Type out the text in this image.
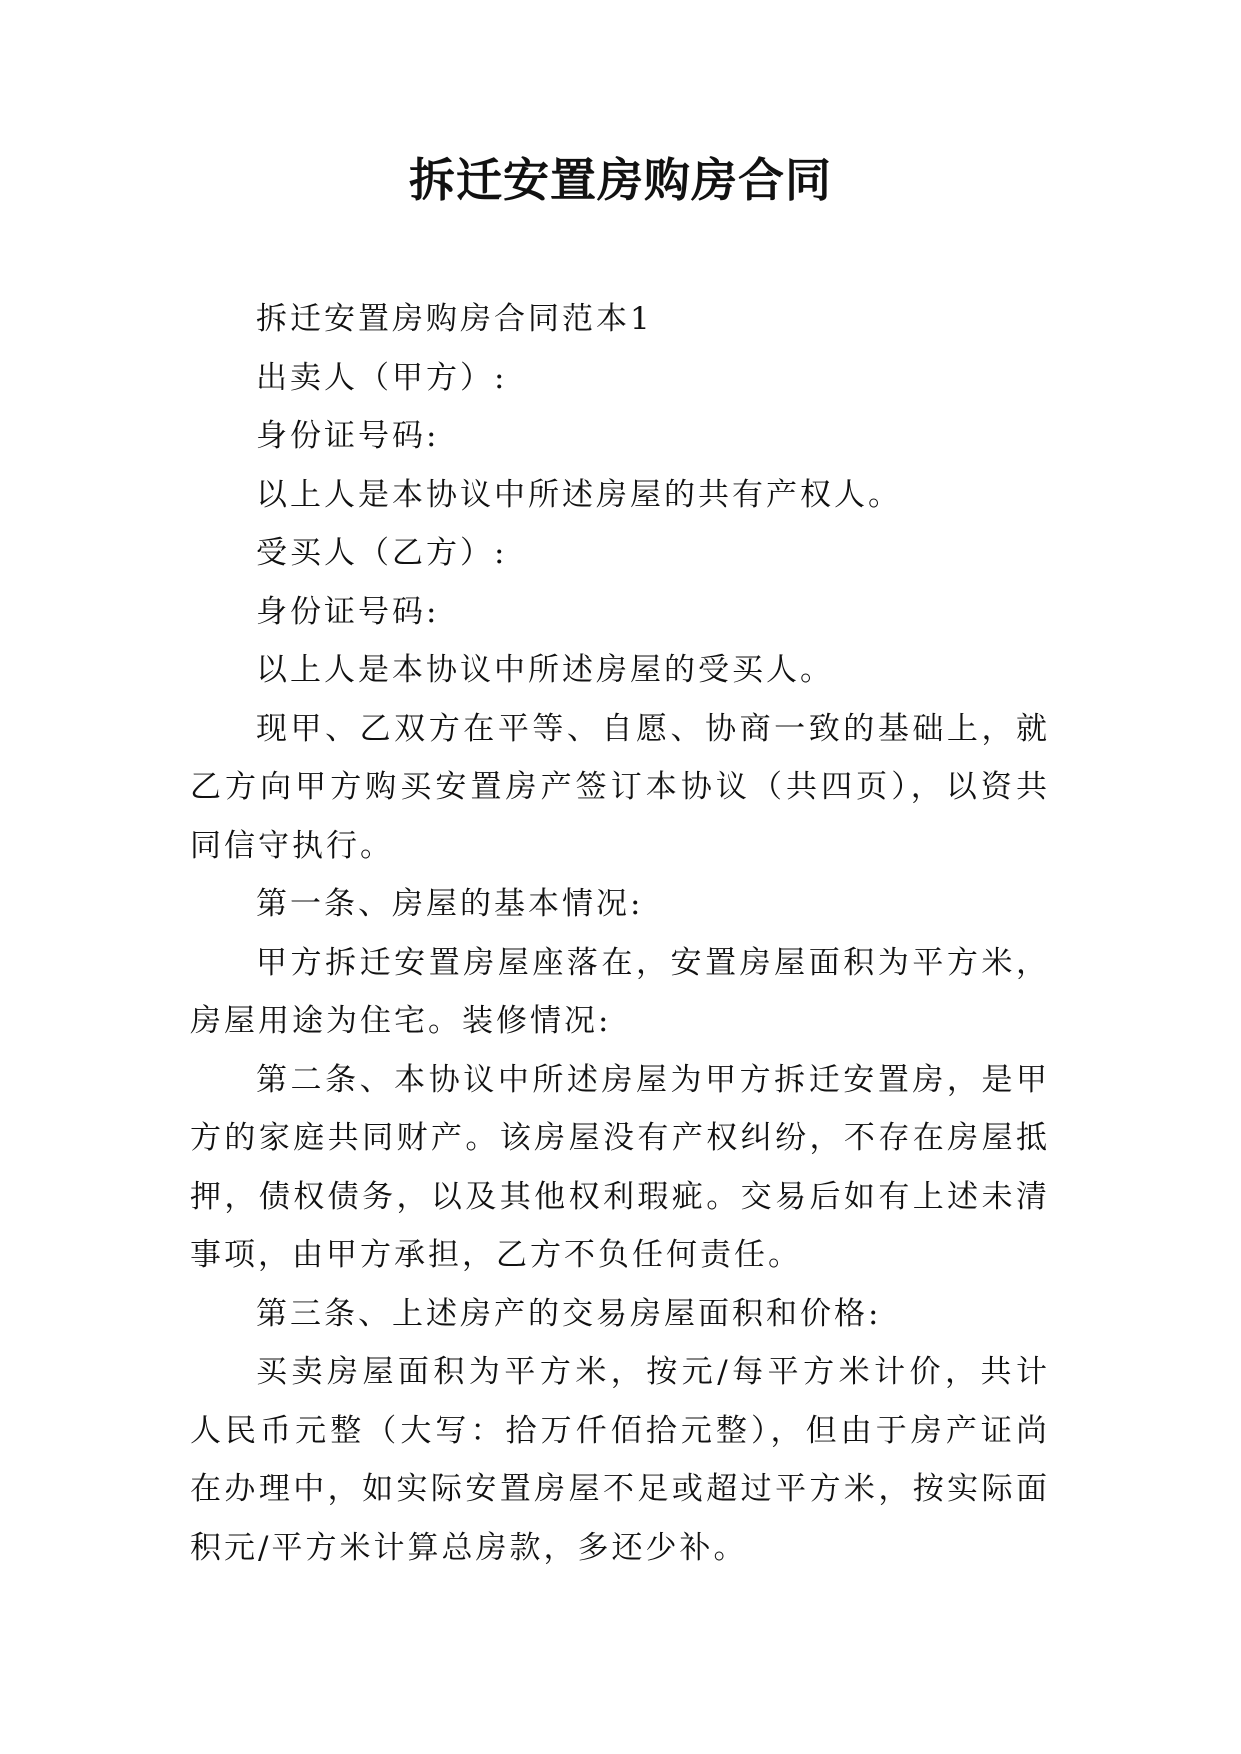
拆迁安置房购房合同

拆迁安置房购房合同范本1

出卖人（甲方）:

身份证号码:

以上人是本协议中所述房屋的共有产权人。

受买人（乙方）:

身份证号码:

以上人是本协议中所述房屋的受买人。

现甲、乙双方在平等、自愿、协商一致的基础上，就乙方向甲方购买安置房产签订本协议（共四页），以资共同信守执行。

第一条、房屋的基本情况:

甲方拆迁安置房屋座落在，安置房屋面积为平方米，房屋用途为住宅。装修情况:

第二条、本协议中所述房屋为甲方拆迁安置房，是甲方的家庭共同财产。该房屋没有产权纠纷，不存在房屋抵押，债权债务，以及其他权利瑕疵。交易后如有上述未清事项，由甲方承担，乙方不负任何责任。

第三条、上述房产的交易房屋面积和价格:

买卖房屋面积为平方米，按元/每平方米计价，共计人民币元整（大写：拾万仟佰拾元整），但由于房产证尚在办理中，如实际安置房屋不足或超过平方米，按实际面积元/平方米计算总房款，多还少补。
